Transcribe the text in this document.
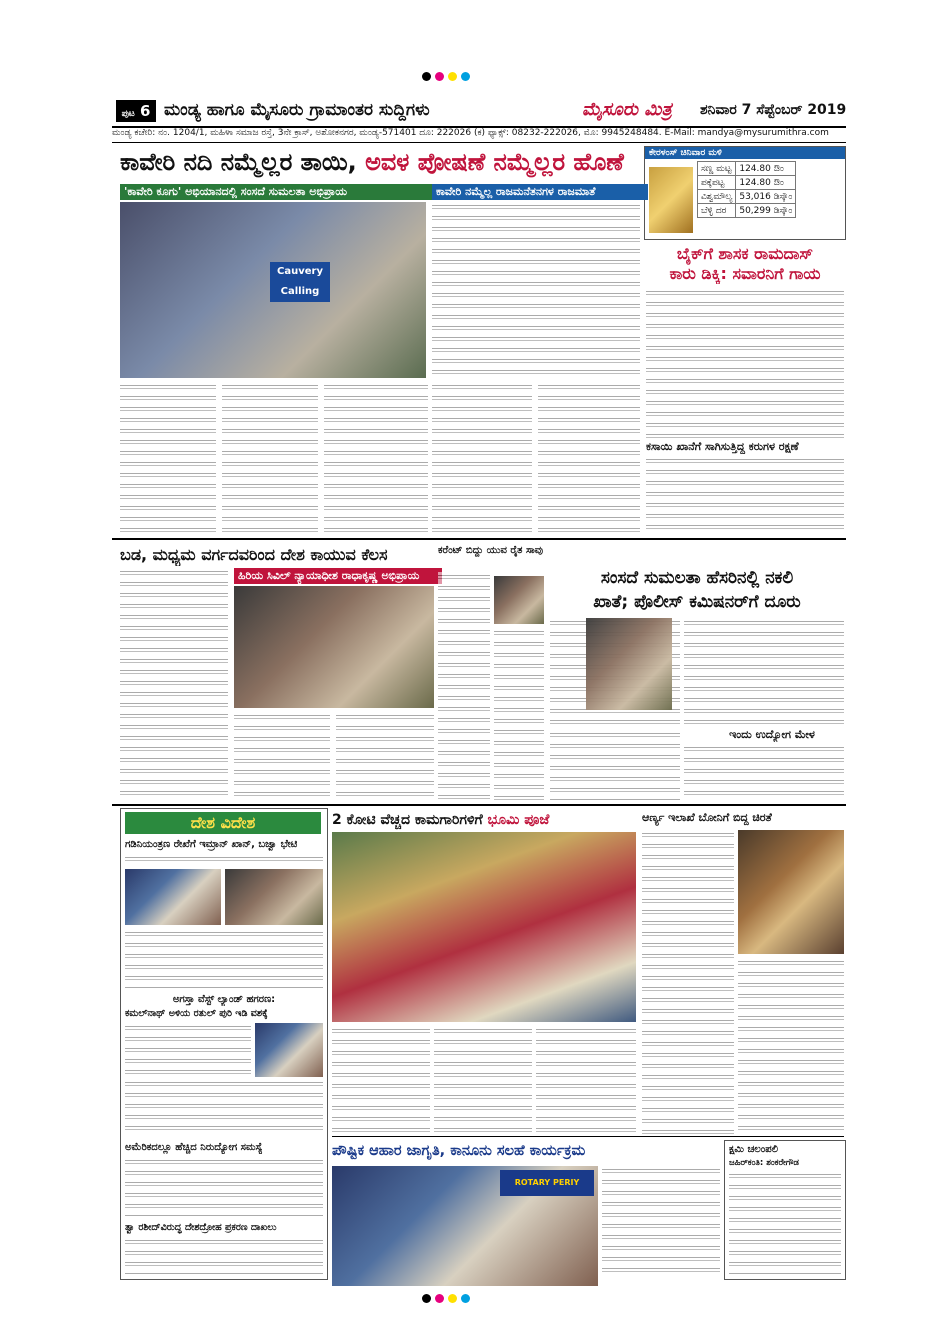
ಪುಟ 6 ಮಂಡ್ಯ ಹಾಗೂ ಮೈಸೂರು ಗ್ರಾಮಾಂತರ ಸುದ್ದಿಗಳು	ಮೈಸೂರು ಮಿತ್ರ ಶನಿವಾರ 7 ಸೆಪ್ಟೆಂಬರ್ 2019
ಮಂಡ್ಯ ಕಚೇರಿ: ನಂ. 1204/1, ಮಹಿಳಾ ಸಮಾಜ ರಸ್ತೆ, 3ನೇ ಕ್ರಾಸ್, ಅಶೋಕನಗರ, ಮಂಡ್ಯ-571401 ದೂ: 222026 (ಕ) ಫ್ಯಾಕ್ಸ್: 08232-222026, ಮೊ: 9945248484. E-Mail: mandya@mysurumithra.com
ಕಾವೇರಿ ನದಿ ನಮ್ಮೆಲ್ಲರ ತಾಯಿ, ಅವಳ ಪೋಷಣೆ ನಮ್ಮೆಲ್ಲರ ಹೊಣೆ	ಕೇರಳಂಸ್ ಚಿನಿವಾರ ಮಳಿ
ಸಣ್ಣ ಮಟ್ಟ	124.80 ಔಂ
ಪಕ್ಕೆಪಟ್ಟ	124.80 ಔಂ
ವಿಶ್ವಮೌಲ್ಯ	53,016 ಡಿಸ್ಕೌಂ
ಬೆಳ್ಳಿ ದರ	50,299 ಡಿಸ್ಕೌಂ
'ಕಾವೇರಿ ಕೂಗು' ಅಭಿಯಾನದಲ್ಲಿ ಸಂಸದೆ ಸುಮಲತಾ ಅಭಿಪ್ರಾಯ
Cauvery Calling
ಕಾವೇರಿ ನಮ್ಮೆಲ್ಲ ರಾಜಮನೆತನಗಳ ರಾಜಮಾತೆ
ಬೈಕ್‌ಗೆ ಶಾಸಕ ರಾಮದಾಸ್
ಕಾರು ಡಿಕ್ಕಿ: ಸವಾರನಿಗೆ ಗಾಯ
ಕಸಾಯಿ ಖಾನೆಗೆ ಸಾಗಿಸುತ್ತಿದ್ದ ಕರುಗಳ ರಕ್ಷಣೆ
ಬಡ, ಮಧ್ಯಮ ವರ್ಗದವರಿಂದ ದೇಶ ಕಾಯುವ ಕೆಲಸ
ಹಿರಿಯ ಸಿವಿಲ್ ನ್ಯಾಯಾಧೀಶ ರಾಧಾಕೃಷ್ಣ ಅಭಿಪ್ರಾಯ
ಕರೆಂಟ್ ಬಿದ್ದು ಯುವ ರೈತ ಸಾವು
ಸಂಸದೆ ಸುಮಲತಾ ಹೆಸರಿನಲ್ಲಿ ನಕಲಿ
ಖಾತೆ; ಪೊಲೀಸ್ ಕಮಿಷನರ್‌ಗೆ ದೂರು
ಇಂದು ಉದ್ಯೋಗ ಮೇಳ
ದೇಶ ವಿದೇಶ
ಗಡಿನಿಯಂತ್ರಣ ರೇಖೆಗೆ ಇಮ್ರಾನ್ ಖಾನ್, ಬಜ್ವಾ ಭೇಟಿ
ಅಗಸ್ತಾ ವೆಸ್ಟ್ ಲ್ಯಾಂಡ್ ಹಗರಣ:
ಕಮಲ್‌ನಾಥ್ ಅಳಿಯ ರತುಲ್ ಪುರಿ ಇಡಿ ವಶಕ್ಕೆ
ಅಮೆರಿಕದಲ್ಲೂ ಹೆಚ್ಚಿದ ನಿರುದ್ಯೋಗ ಸಮಸ್ಯೆ
ತ್ವಾ ರಶೀದ್‌ವಿರುದ್ಧ ದೇಶದ್ರೋಹ ಪ್ರಕರಣ ದಾಖಲು
2 ಕೋಟಿ ವೆಚ್ಚದ ಕಾಮಗಾರಿಗಳಿಗೆ ಭೂಮಿ ಪೂಜೆ	ಆರ್ಣ್ಯ ಇಲಾಖೆ ಬೋನಿಗೆ ಬಿದ್ದ ಚಿರತೆ
ಪೌಷ್ಟಿಕ ಆಹಾರ ಜಾಗೃತಿ, ಕಾನೂನು ಸಲಹೆ ಕಾರ್ಯಕ್ರಮ
ROTARY PERIY
ಕ್ಷಮಿ ಚಲಂಪಲಿ
ಜಹಿರ್‌ಕಂತಿ: ಶಂಕರೇಗೌಡ
